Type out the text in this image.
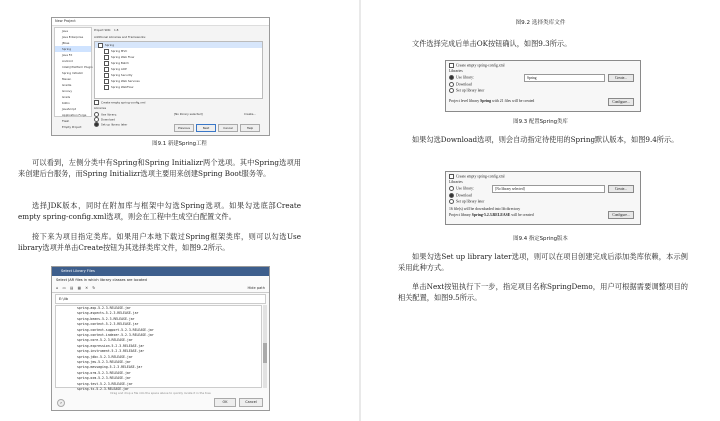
New Project
Java
Java Enterprise
JBoss
Spring
Java FX
Android
IntelliJ Platform Plugin
Spring Initializr
Maven
Gradle
Groovy
Grails
Kotlin
JavaScript
Application Forge
Flash
Empty Project
Project SDK: 1.8
Additional Libraries and Frameworks:
Spring
Spring MVC
Spring Web Flow
Spring Batch
Spring AOP
Spring Security
Spring Web Services
Spring WebFlow
Create empty spring-config.xml
Libraries
Use library:	[No library selected]	Create...
Download
Set up library later
Previous	Next	Cancel	Help
图9.1 新建Spring工程

可以看到，左侧分类中有Spring和Spring Initializr两个选项。其中Spring选项用来创建后台服务，而Spring Initializr选项主要用来创建Spring Boot服务等。

选择JDK版本，同时在附加库与框架中勾选Spring选项。如果勾选底部Create empty spring-config.xml选项，则会在工程中生成空白配置文件。

接下来为项目指定类库。如果用户本地下载过Spring框架类库，则可以勾选Use library选项并单击Create按钮为其选择类库文件，如图9.2所示。

Select Library Files
Select JAR files in which library classes are located
⌂ ▭ ▤ ▦ ✕ ↻	Hide path
E:\lib
spring-aop-5.2.3.RELEASE.jar
spring-aspects-5.2.3.RELEASE.jar
spring-beans-5.2.3.RELEASE.jar
spring-context-5.2.3.RELEASE.jar
spring-context-support-5.2.3.RELEASE.jar
spring-context-indexer-5.2.3.RELEASE.jar
spring-core-5.2.3.RELEASE.jar
spring-expression-5.2.3.RELEASE.jar
spring-instrument-5.2.3.RELEASE.jar
spring-jdbc-5.2.3.RELEASE.jar
spring-jms-5.2.3.RELEASE.jar
spring-messaging-5.2.3.RELEASE.jar
spring-orm-5.2.3.RELEASE.jar
spring-oxm-5.2.3.RELEASE.jar
spring-test-5.2.3.RELEASE.jar
spring-tx-5.2.3.RELEASE.jar
Drag and drop a file into the space above to quickly locate it in the tree
?	OK	Cancel
图9.2 选择类库文件

文件选择完成后单击OK按钮确认，如图9.3所示。

Create empty spring-config.xml
Libraries
Use library:	Spring	Create...
Download
Set up library later
Project level library Spring with 21 files will be created	Configure...
图9.3 配置Spring类库

如果勾选Download选项，则会自动指定待使用的Spring默认版本，如图9.4所示。

Create empty spring-config.xml
Libraries
Use library:	[No library selected]	Create...
Download
Set up library later
16 file(s) will be downloaded into lib directory
Project library Spring-5.2.3.RELEASE will be created	Configure...
图9.4 指定Spring版本

如果勾选Set up library later选项，则可以在项目创建完成后添加类库依赖，本示例采用此种方式。

单击Next按钮执行下一步，指定项目名称SpringDemo，用户可根据需要调整项目的相关配置，如图9.5所示。
